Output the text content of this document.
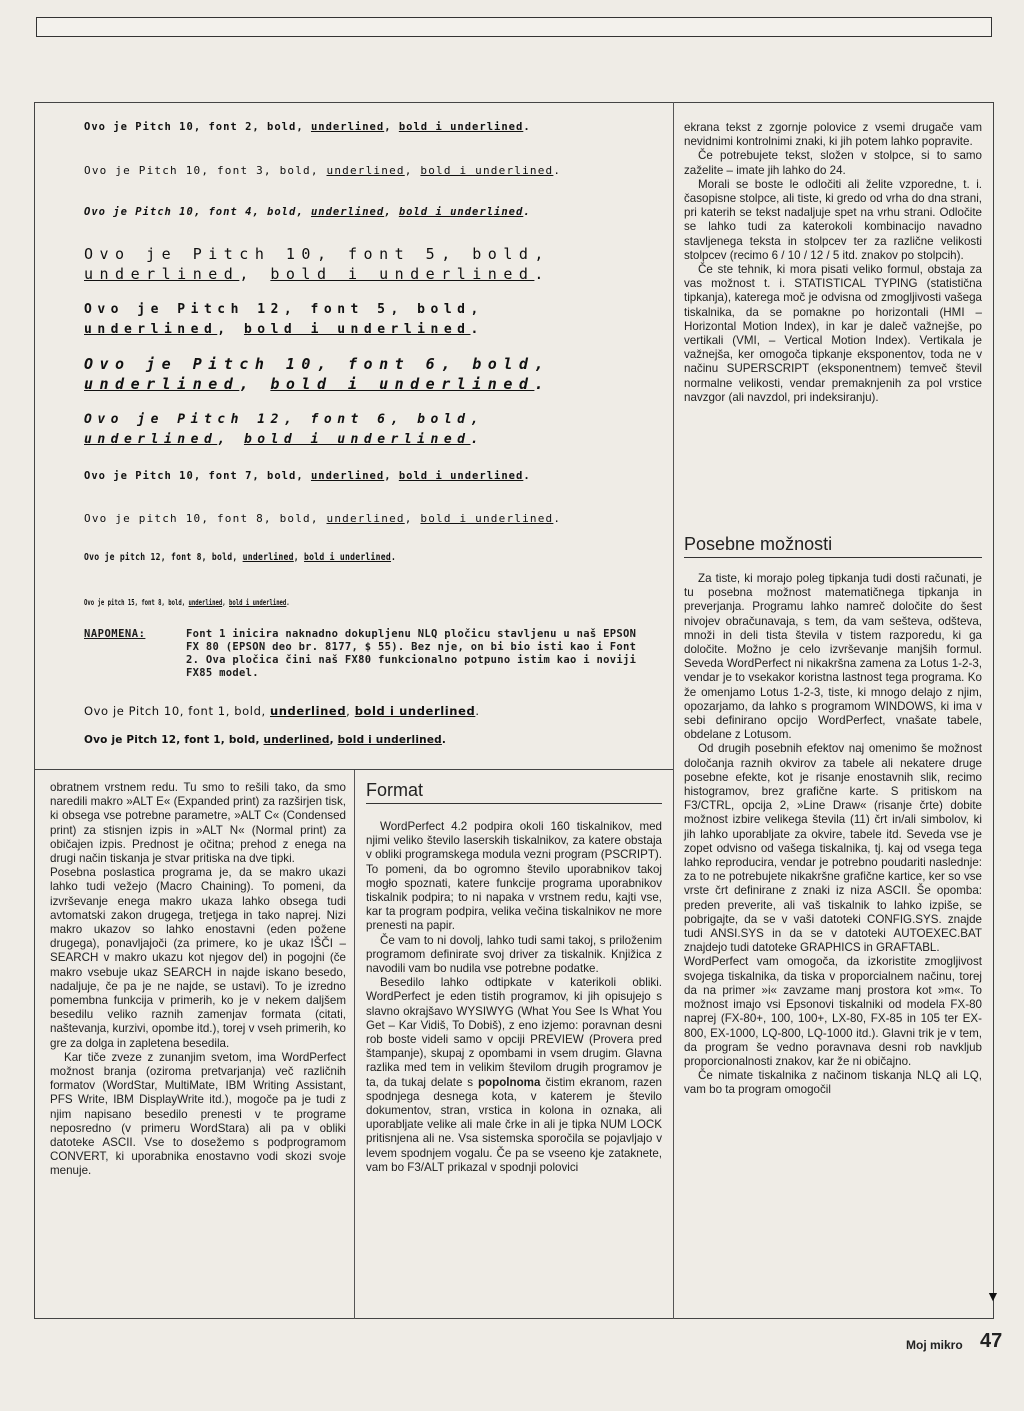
Ovo je Pitch 10, font 2, bold, underlined, bold i underlined.
Ovo je Pitch 10, font 3, bold, underlined, bold i underlined.
Ovo je Pitch 10, font 4, bold, underlined, bold i underlined.
Ovo je Pitch 10, font 5, bold,
underlined, bold i underlined.
Ovo je Pitch 12, font 5, bold,
underlined, bold i underlined.
Ovo je Pitch 10, font 6, bold,
underlined, bold i underlined.
Ovo je Pitch 12, font 6, bold,
underlined, bold i underlined.
Ovo je Pitch 10, font 7, bold, underlined, bold i underlined.
Ovo je pitch 10, font 8, bold, underlined, bold i underlined.
Ovo je pitch 12, font 8, bold, underlined, bold i underlined.
Ovo je pitch 15, font 8, bold, underlined, bold i underlined.
NAPOMENA:	Font 1 inicira naknadno dokupljenu NLQ pločicu stavljenu u naš EPSON FX 80 (EPSON deo br. 8177, $ 55). Bez nje, on bi bio isti kao i Font 2. Ova pločica čini naš FX80 funkcionalno potpuno istim kao i noviji FX85 model.
Ovo je Pitch 10, font 1, bold, underlined, bold i underlined.
Ovo je Pitch 12, font 1, bold, underlined, bold i underlined.

obratnem vrstnem redu. Tu smo to rešili tako, da smo naredili makro »ALT E« (Expanded print) za razširjen tisk, ki obsega vse potrebne parametre, »ALT C« (Condensed print) za stisnjen izpis in »ALT N« (Normal print) za običajen izpis. Prednost je očitna; prehod z enega na drugi način tiskanja je stvar pritiska na dve tipki.

Posebna poslastica programa je, da se makro ukazi lahko tudi vežejo (Macro Chaining). To pomeni, da izvrševanje enega makro ukaza lahko obsega tudi avtomatski zakon drugega, tretjega in tako naprej. Nizi makro ukazov so lahko enostavni (eden požene drugega), ponavljajoči (za primere, ko je ukaz IŠČI – SEARCH v makro ukazu kot njegov del) in pogojni (če makro vsebuje ukaz SEARCH in najde iskano besedo, nadaljuje, če pa je ne najde, se ustavi). To je izredno pomembna funkcija v primerih, ko je v nekem daljšem besedilu veliko raznih zamenjav formata (citati, naštevanja, kurzivi, opombe itd.), torej v vseh primerih, ko gre za dolga in zapletena besedila.

Kar tiče zveze z zunanjim svetom, ima WordPerfect možnost branja (oziroma pretvarjanja) več različnih formatov (WordStar, MultiMate, IBM Writing Assistant, PFS Write, IBM DisplayWrite itd.), mogoče pa je tudi z njim napisano besedilo prenesti v te programe neposredno (v primeru WordStara) ali pa v obliki datoteke ASCII. Vse to dosežemo s podprogramom CONVERT, ki uporabnika enostavno vodi skozi svoje menuje.

Format

WordPerfect 4.2 podpira okoli 160 tiskalnikov, med njimi veliko število laserskih tiskalnikov, za katere obstaja v obliki programskega modula vezni program (PSCRIPT). To pomeni, da bo ogromno število uporabnikov takoj mogło spoznati, katere funkcije programa uporabnikov tiskalnik podpira; to ni napaka v vrstnem redu, kajti vse, kar ta program podpira, velika večina tiskalnikov ne more prenesti na papir.

Če vam to ni dovolj, lahko tudi sami takoj, s priloženim programom definirate svoj driver za tiskalnik. Knjižica z navodili vam bo nudila vse potrebne podatke.

Besedilo lahko odtipkate v katerikoli obliki. WordPerfect je eden tistih programov, ki jih opisujejo s slavno okrajšavo WYSIWYG (What You See Is What You Get – Kar Vidiš, To Dobiš), z eno izjemo: poravnan desni rob boste videli samo v opciji PREVIEW (Provera pred štampanje), skupaj z opombami in vsem drugim. Glavna razlika med tem in velikim številom drugih programov je ta, da tukaj delate s popolnoma čistim ekranom, razen spodnjega desnega kota, v katerem je število dokumentov, stran, vrstica in kolona in oznaka, ali uporabljate velike ali male črke in ali je tipka NUM LOCK pritisnjena ali ne. Vsa sistemska sporočila se pojavljajo v levem spodnjem vogalu. Če pa se vseeno kje zataknete, vam bo F3/ALT prikazal v spodnji polovici

ekrana tekst z zgornje polovice z vsemi drugače vam nevidnimi kontrolnimi znaki, ki jih potem lahko popravite.

Če potrebujete tekst, složen v stolpce, si to samo zaželite – imate jih lahko do 24.

Morali se boste le odločiti ali želite vzporedne, t. i. časopisne stolpce, ali tiste, ki gredo od vrha do dna strani, pri katerih se tekst nadaljuje spet na vrhu strani. Odločite se lahko tudi za katerokoli kombinacijo navadno stavljenega teksta in stolpcev ter za različne velikosti stolpcev (recimo 6 / 10 / 12 / 5 itd. znakov po stolpcih).

Če ste tehnik, ki mora pisati veliko formul, obstaja za vas možnost t. i. STATISTICAL TYPING (statistična tipkanja), katerega moč je odvisna od zmogljivosti vašega tiskalnika, da se pomakne po horizontali (HMI – Horizontal Motion Index), in kar je daleč važnejše, po vertikali (VMI, – Vertical Motion Index). Vertikala je važnejša, ker omogoča tipkanje eksponentov, toda ne v načinu SUPERSCRIPT (eksponentnem) temveč števil normalne velikosti, vendar premaknjenih za pol vrstice navzgor (ali navzdol, pri indeksiranju).

Posebne možnosti

Za tiste, ki morajo poleg tipkanja tudi dosti računati, je tu posebna možnost matematičnega tipkanja in preverjanja. Programu lahko namreč določite do šest nivojev obračunavaja, s tem, da vam sešteva, odšteva, množi in deli tista števila v tistem razporedu, ki ga določite. Možno je celo izvrševanje manjših formul. Seveda WordPerfect ni nikakršna zamena za Lotus 1-2-3, vendar je to vsekakor koristna lastnost tega programa. Ko že omenjamo Lotus 1-2-3, tiste, ki mnogo delajo z njim, opozarjamo, da lahko s programom WINDOWS, ki ima v sebi definirano opcijo WordPerfect, vnašate tabele, obdelane z Lotusom.

Od drugih posebnih efektov naj omenimo še možnost določanja raznih okvirov za tabele ali nekatere druge posebne efekte, kot je risanje enostavnih slik, recimo histogramov, brez grafične karte. S pritiskom na F3/CTRL, opcija 2, »Line Draw« (risanje črte) dobite možnost izbire velikega števila (11) črt in/ali simbolov, ki jih lahko uporabljate za okvire, tabele itd. Seveda vse je zopet odvisno od vašega tiskalnika, tj. kaj od vsega tega lahko reproducira, vendar je potrebno poudariti naslednje: za to ne potrebujete nikakršne grafične kartice, ker so vse vrste črt definirane z znaki iz niza ASCII. Še opomba: preden preverite, ali vaš tiskalnik to lahko izpiše, se pobrigajte, da se v vaši datoteki CONFIG.SYS. znajde tudi ANSI.SYS in da se v datoteki AUTOEXEC.BAT znajdejo tudi datoteke GRAPHICS in GRAFTABL.

WordPerfect vam omogoča, da izkoristite zmogljivost svojega tiskalnika, da tiska v proporcialnem načinu, torej da na primer »i« zavzame manj prostora kot »m«. To možnost imajo vsi Epsonovi tiskalniki od modela FX-80 naprej (FX-80+, 100, 100+, LX-80, FX-85 in 105 ter EX-800, EX-1000, LQ-800, LQ-1000 itd.). Glavni trik je v tem, da program še vedno poravnava desni rob navkljub proporcionalnosti znakov, kar že ni običajno.

Če nimate tiskalnika z načinom tiskanja NLQ ali LQ, vam bo ta program omogočil

▼
Moj mikro 47
